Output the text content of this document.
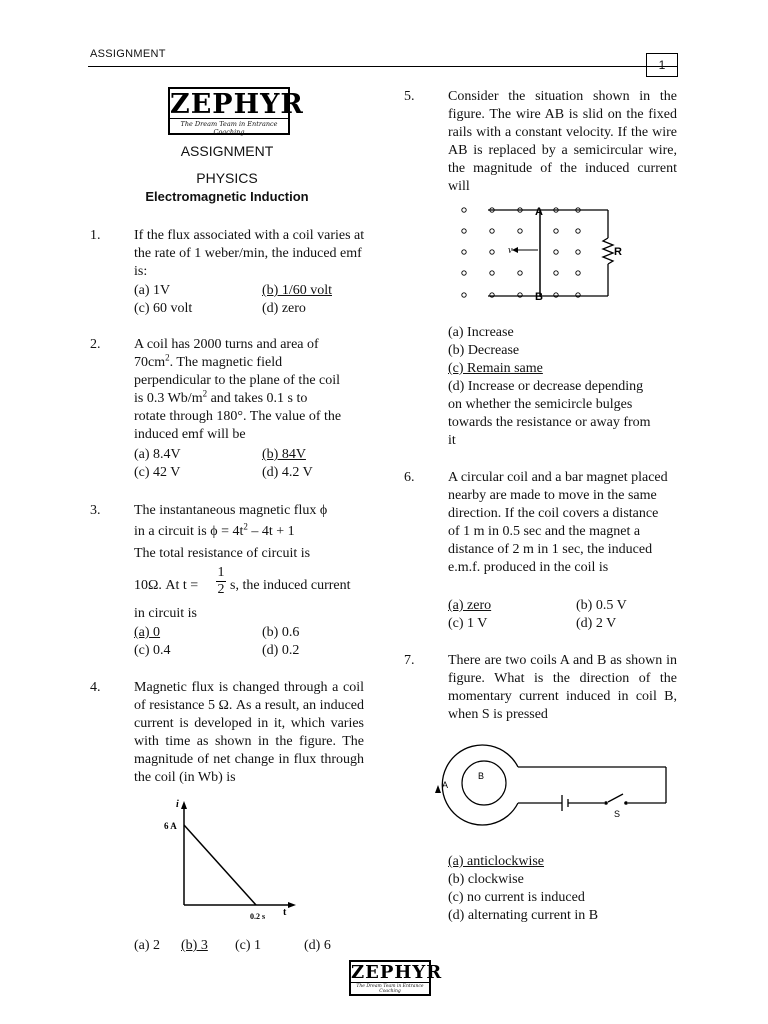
ASSIGNMENT
1
ZEPHYR
The Dream Team in Entrance Coaching
ASSIGNMENT
PHYSICS
Electromagnetic Induction
1. If the flux associated with a coil varies at the rate of 1 weber/min, the induced emf is:
(a) 1V	(b) 1/60 volt
(c) 60 volt	(d) zero
2. A coil has 2000 turns and area of
$70cm^2$. The magnetic field
perpendicular to the plane of the coil
is 0.3 $Wb/m^2$ and takes 0.1 s to
rotate through 180°. The value of the
induced emf will be
(a) 8.4V	(b) 84V
(c) 42 V	(d) 4.2 V
3. The instantaneous magnetic flux ϕ
in a circuit is $\phi = 4t^2 - 4t + 1$
The total resistance of circuit is
10Ω. At t =
1
2 s, the induced current
in circuit is
(a) 0	(b) 0.6
(c) 0.4	(d) 0.2
4. Magnetic flux is changed through a coil of resistance 5 Ω. As a result, an induced current is developed in it, which varies with time as shown in the figure. The magnitude of net change in flux through the coil (in Wb) is
i
t
6 A
0.2 s
(a) 2 (b) 3 (c) 1	(d) 6
5. Consider the situation shown in the figure. The wire AB is slid on the fixed rails with a constant velocity. If the wire AB is replaced by a semicircular wire, the magnitude of the induced current will
A
B
R
v
(a) Increase
(b) Decrease
(c) Remain same
(d) Increase or decrease depending
on whether the semicircle bulges
towards the resistance or away from
it
6. A circular coil and a bar magnet placed nearby are made to move in the same direction. If the coil covers a distance of 1 m in 0.5 sec and the magnet a distance of 2 m in 1 sec, the induced e.m.f. produced in the coil is
(a) zero	(b) 0.5 V
(c) 1 V	(d) 2 V
7. There are two coils A and B as shown in figure. What is the direction of the momentary current induced in coil B, when S is pressed
A
B
S
(a) anticlockwise
(b) clockwise
(c) no current is induced
(d) alternating current in B
ZEPHYR
The Dream Team in Entrance Coaching
